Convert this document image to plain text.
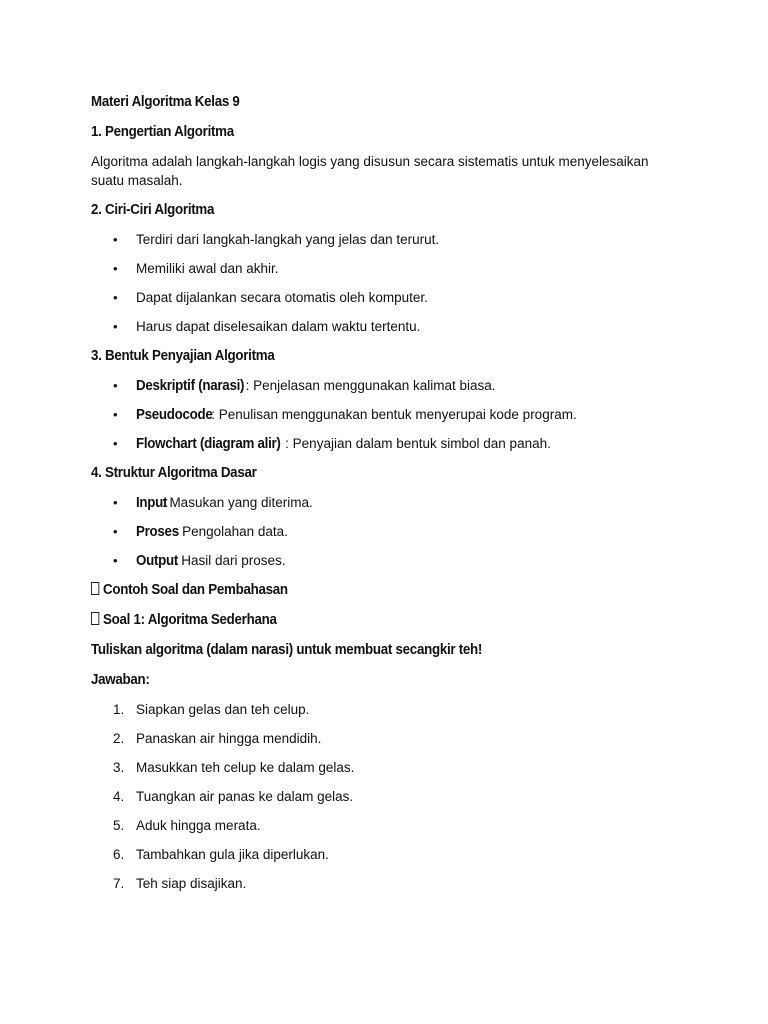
Materi Algoritma Kelas 9
1. Pengertian Algoritma
Algoritma adalah langkah-langkah logis yang disusun secara sistematis untuk menyelesaikan suatu masalah.
2. Ciri-Ciri Algoritma
• Terdiri dari langkah-langkah yang jelas dan terurut.
• Memiliki awal dan akhir.
• Dapat dijalankan secara otomatis oleh komputer.
• Harus dapat diselesaikan dalam waktu tertentu.
3. Bentuk Penyajian Algoritma
• Deskriptif (narasi): Penjelasan menggunakan kalimat biasa.
• Pseudocode: Penulisan menggunakan bentuk menyerupai kode program.
• Flowchart (diagram alir) : Penyajian dalam bentuk simbol dan panah.
4. Struktur Algoritma Dasar
• Input: Masukan yang diterima.
• Proses: Pengolahan data.
• Output: Hasil dari proses.
Contoh Soal dan Pembahasan
Soal 1: Algoritma Sederhana
Tuliskan algoritma (dalam narasi) untuk membuat secangkir teh!
Jawaban:
1. Siapkan gelas dan teh celup.
2. Panaskan air hingga mendidih.
3. Masukkan teh celup ke dalam gelas.
4. Tuangkan air panas ke dalam gelas.
5. Aduk hingga merata.
6. Tambahkan gula jika diperlukan.
7. Teh siap disajikan.
